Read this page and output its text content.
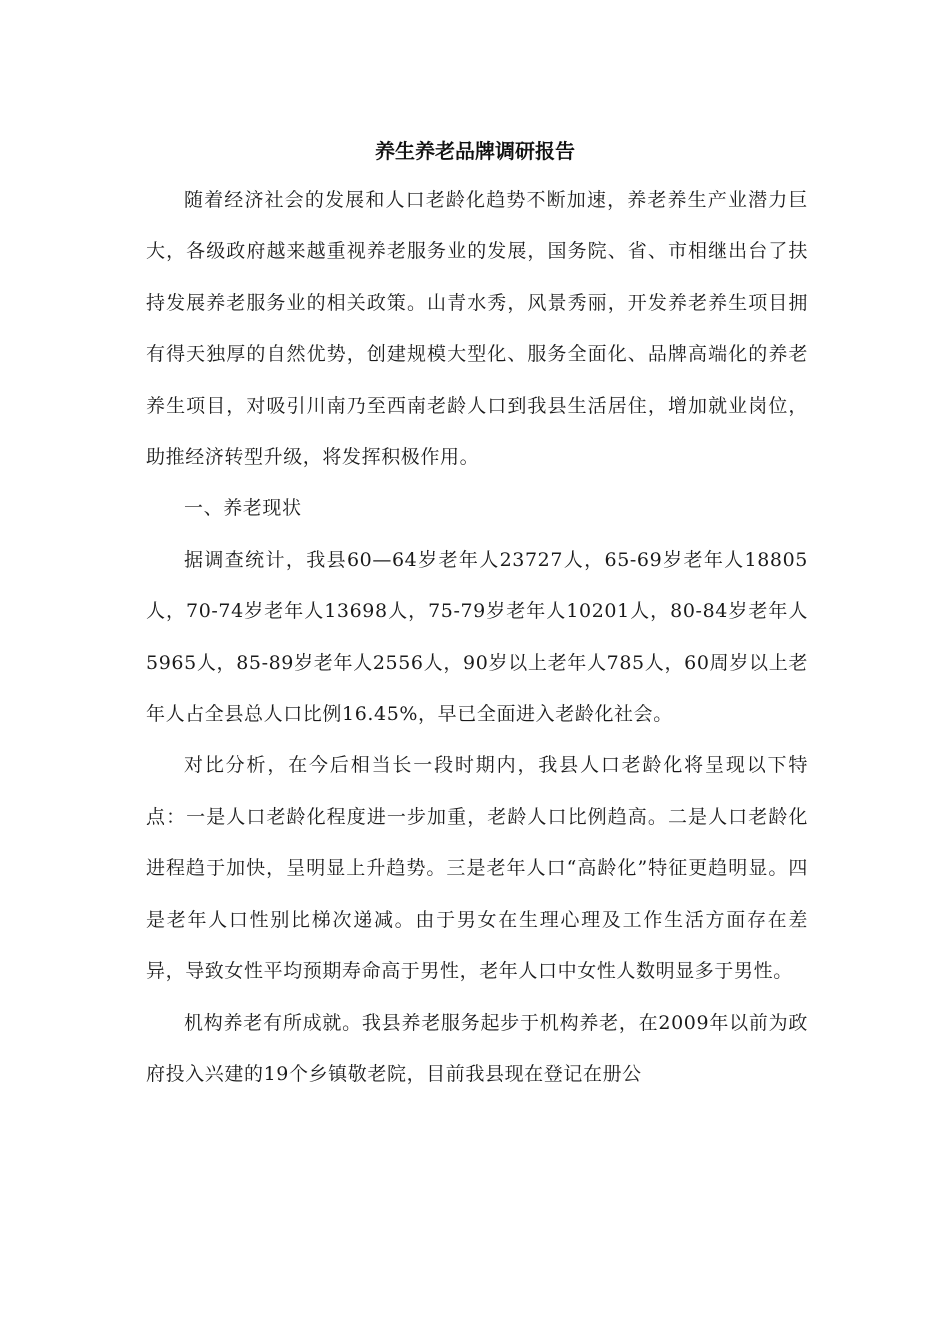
养生养老品牌调研报告

随着经济社会的发展和人口老龄化趋势不断加速，养老养生产业潜力巨大，各级政府越来越重视养老服务业的发展，国务院、省、市相继出台了扶持发展养老服务业的相关政策。山青水秀，风景秀丽，开发养老养生项目拥有得天独厚的自然优势，创建规模大型化、服务全面化、品牌高端化的养老养生项目，对吸引川南乃至西南老龄人口到我县生活居住，增加就业岗位，助推经济转型升级，将发挥积极作用。

一、养老现状

据调查统计，我县60—64岁老年人23727人，65-69岁老年人18805人，70-74岁老年人13698人，75-79岁老年人10201人，80-84岁老年人5965人，85-89岁老年人2556人，90岁以上老年人785人，60周岁以上老年人占全县总人口比例16.45%，早已全面进入老龄化社会。

对比分析，在今后相当长一段时期内，我县人口老龄化将呈现以下特点：一是人口老龄化程度进一步加重，老龄人口比例趋高。二是人口老龄化进程趋于加快，呈明显上升趋势。三是老年人口“高龄化”特征更趋明显。四是老年人口性别比梯次递减。由于男女在生理心理及工作生活方面存在差异，导致女性平均预期寿命高于男性，老年人口中女性人数明显多于男性。

机构养老有所成就。我县养老服务起步于机构养老，在2009年以前为政府投入兴建的19个乡镇敬老院，目前我县现在登记在册公
